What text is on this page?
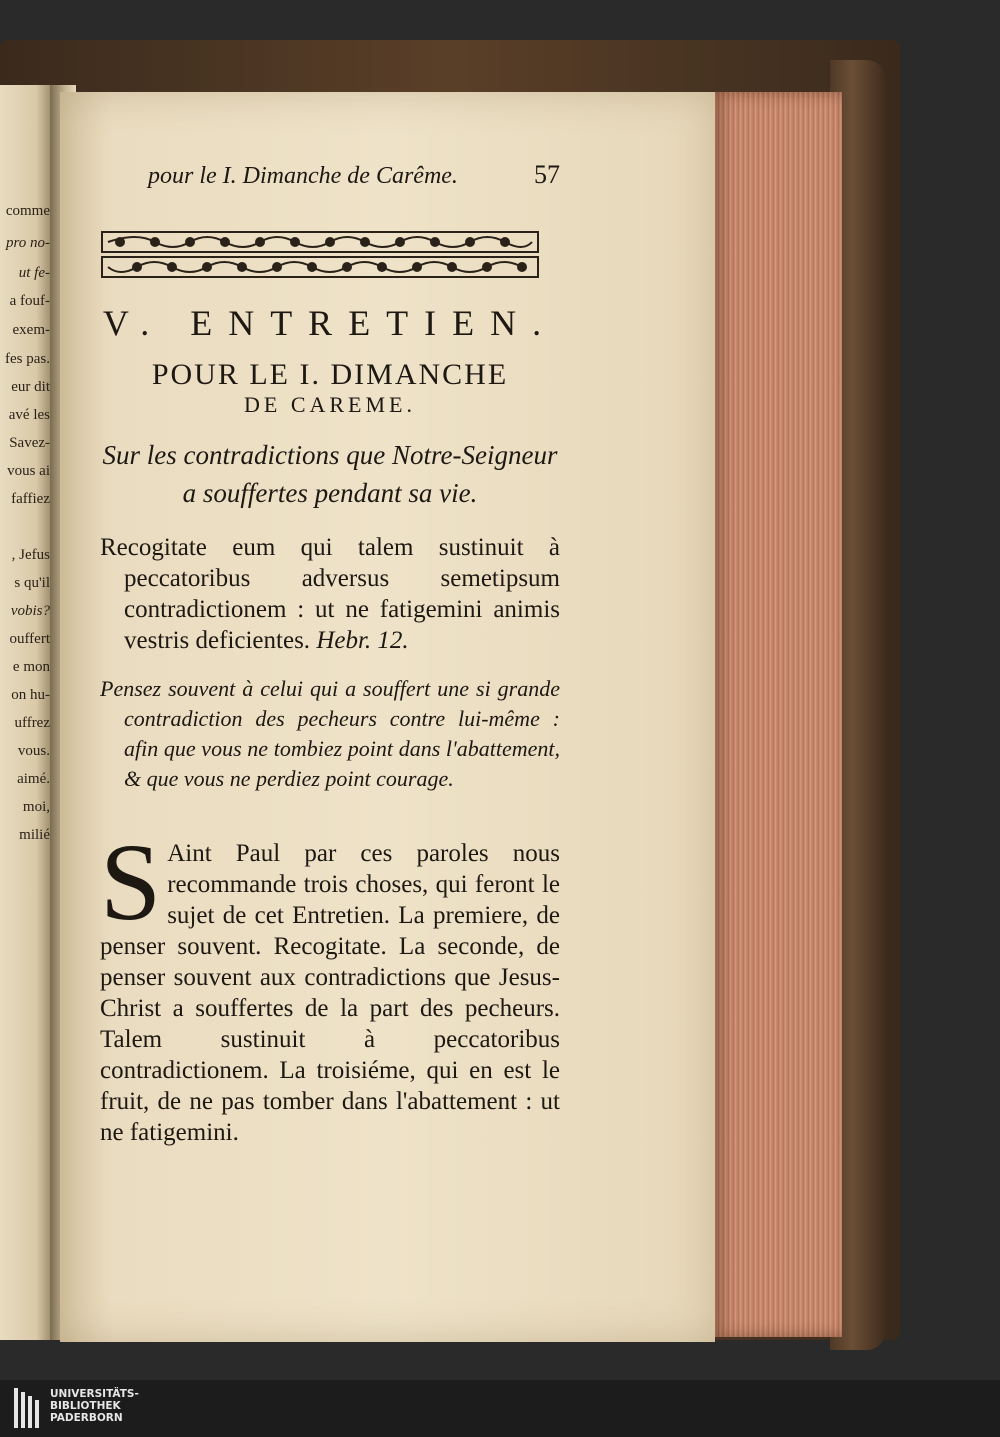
comme
pro no-
ut fe-
a fouf-
exem-
fes pas.
eur dit
avé les
Savez-
vous ai
faffiez
, Jefus
s qu'il
vobis?
ouffert
e mon
on hu-
uffrez
vous.
aimé.
moi,
milié
pour le I. Dimanche de Carême.	57
V. ENTRETIEN.
POUR LE I. DIMANCHE
DE CAREME.
Sur les contradictions que Notre-Seigneur a souffertes pendant sa vie.
Recogitate eum qui talem sustinuit à peccatoribus adversus semetipsum contradictionem : ut ne fatigemini animis vestris deficientes. Hebr. 12.
Pensez souvent à celui qui a souffert une si grande contradiction des pecheurs contre lui-même : afin que vous ne tombiez point dans l'abattement, & que vous ne perdiez point courage.
S Aint Paul par ces paroles nous recommande trois choses, qui feront le sujet de cet Entretien. La premiere, de penser souvent. Recogitate. La seconde, de penser souvent aux contradictions que Jesus-Christ a souffertes de la part des pecheurs. Talem sustinuit à peccatoribus contradictionem. La troisiéme, qui en est le fruit, de ne pas tomber dans l'abattement : ut ne fatigemini.
UNIVERSITÄTS-
BIBLIOTHEK
PADERBORN
